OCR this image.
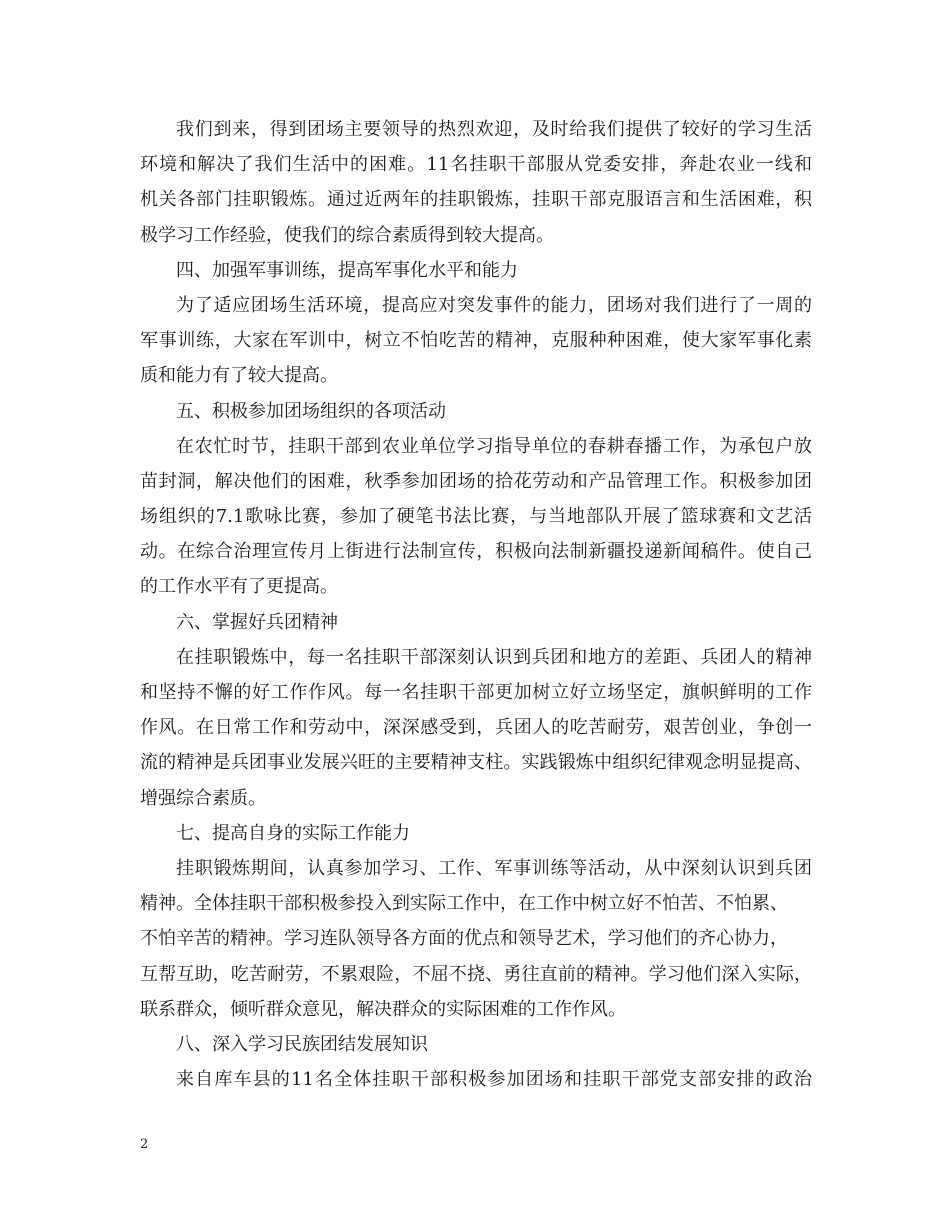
我们到来，得到团场主要领导的热烈欢迎，及时给我们提供了较好的学习生活
环境和解决了我们生活中的困难。11名挂职干部服从党委安排，奔赴农业一线和
机关各部门挂职锻炼。通过近两年的挂职锻炼，挂职干部克服语言和生活困难，积
极学习工作经验，使我们的综合素质得到较大提高。
四、加强军事训练，提高军事化水平和能力
为了适应团场生活环境，提高应对突发事件的能力，团场对我们进行了一周的
军事训练，大家在军训中，树立不怕吃苦的精神，克服种种困难，使大家军事化素
质和能力有了较大提高。
五、积极参加团场组织的各项活动
在农忙时节，挂职干部到农业单位学习指导单位的春耕春播工作，为承包户放
苗封洞，解决他们的困难，秋季参加团场的拾花劳动和产品管理工作。积极参加团
场组织的7.1歌咏比赛，参加了硬笔书法比赛，与当地部队开展了篮球赛和文艺活
动。在综合治理宣传月上街进行法制宣传，积极向法制新疆投递新闻稿件。使自己
的工作水平有了更提高。
六、掌握好兵团精神
在挂职锻炼中，每一名挂职干部深刻认识到兵团和地方的差距、兵团人的精神
和坚持不懈的好工作作风。每一名挂职干部更加树立好立场坚定，旗帜鲜明的工作
作风。在日常工作和劳动中，深深感受到，兵团人的吃苦耐劳，艰苦创业，争创一
流的精神是兵团事业发展兴旺的主要精神支柱。实践锻炼中组织纪律观念明显提高、
增强综合素质。
七、提高自身的实际工作能力
挂职锻炼期间，认真参加学习、工作、军事训练等活动，从中深刻认识到兵团
精神。全体挂职干部积极参投入到实际工作中，在工作中树立好不怕苦、不怕累、
不怕辛苦的精神。学习连队领导各方面的优点和领导艺术，学习他们的齐心协力，
互帮互助，吃苦耐劳，不累艰险，不屈不挠、勇往直前的精神。学习他们深入实际，
联系群众，倾听群众意见，解决群众的实际困难的工作作风。
八、深入学习民族团结发展知识
来自库车县的11名全体挂职干部积极参加团场和挂职干部党支部安排的政治
2
